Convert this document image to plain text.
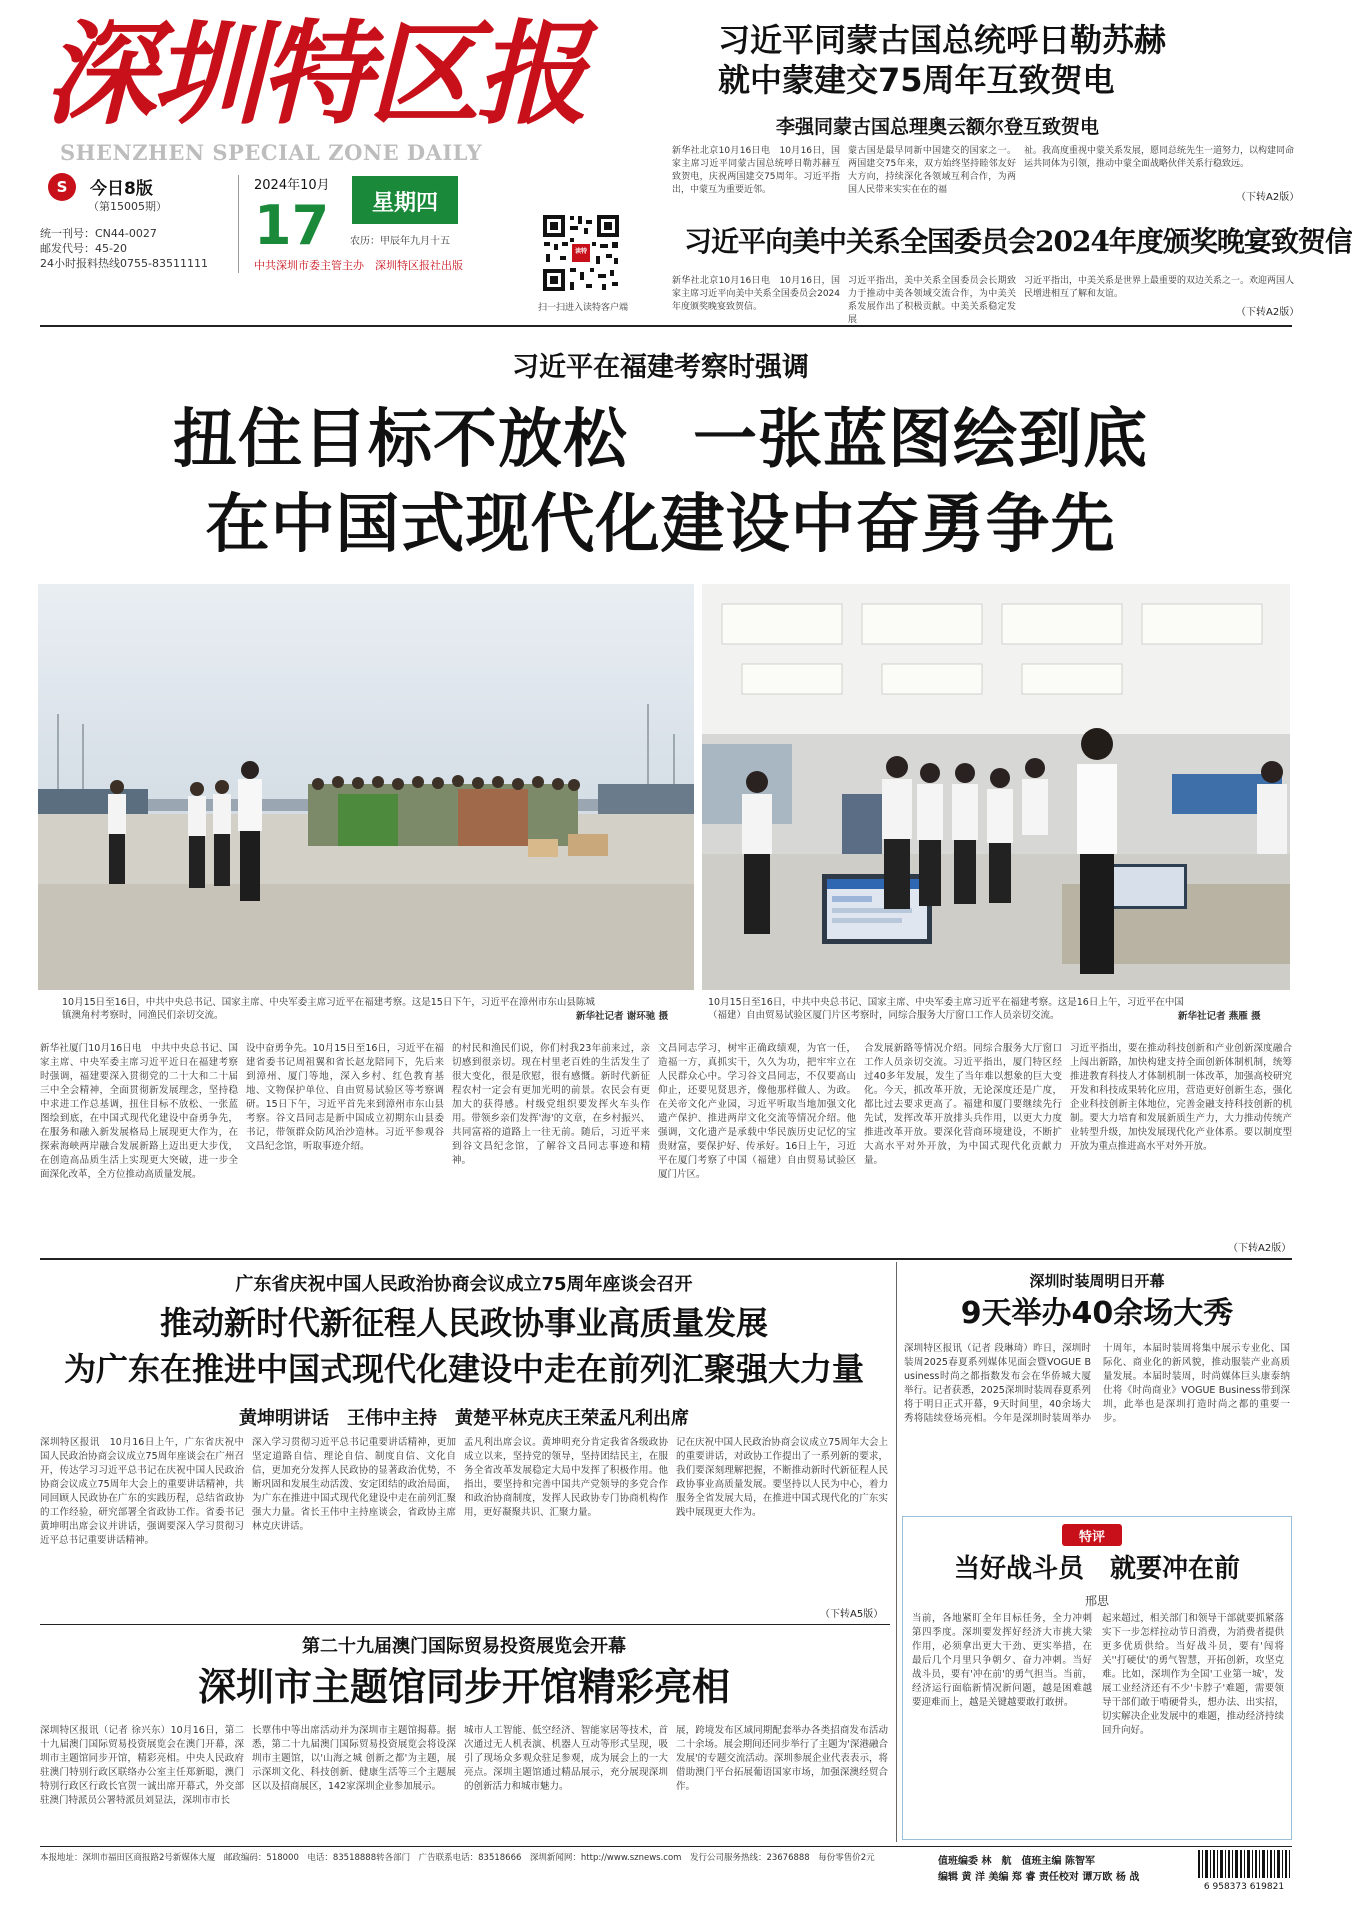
深圳特区报
SHENZHEN SPECIAL ZONE DAILY
S	今日8版
（第15005期）
统一刊号：CN44-0027
邮发代号：45-20
24小时报料热线0755-83511111
2024年10月
17	星期四
农历：甲辰年九月十五
中共深圳市委主管主办　深圳特区报社出版
读特
扫一扫进入读特客户端
习近平同蒙古国总统呼日勒苏赫
就中蒙建交75周年互致贺电
李强同蒙古国总理奥云额尔登互致贺电
新华社北京10月16日电　10月16日，国家主席习近平同蒙古国总统呼日勒苏赫互致贺电，庆祝两国建交75周年。习近平指出，中蒙互为重要近邻。
蒙古国是最早同新中国建交的国家之一。两国建交75年来，双方始终坚持睦邻友好大方向，持续深化各领域互利合作，为两国人民带来实实在在的福
祉。我高度重视中蒙关系发展，愿同总统先生一道努力，以构建同命运共同体为引领，推动中蒙全面战略伙伴关系行稳致远。
（下转A2版）
习近平向美中关系全国委员会2024年度颁奖晚宴致贺信
新华社北京10月16日电　10月16日，国家主席习近平向美中关系全国委员会2024年度颁奖晚宴致贺信。
习近平指出，美中关系全国委员会长期致力于推动中美各领域交流合作，为中美关系发展作出了积极贡献。中美关系稳定发展
习近平指出，中美关系是世界上最重要的双边关系之一。欢迎两国人民增进相互了解和友谊。
（下转A2版）
习近平在福建考察时强调
扭住目标不放松　一张蓝图绘到底
在中国式现代化建设中奋勇争先
10月15日至16日，中共中央总书记、国家主席、中央军委主席习近平在福建考察。这是15日下午，习近平在漳州市东山县陈城镇澳角村考察时，同渔民们亲切交流。	新华社记者 谢环驰 摄
10月15日至16日，中共中央总书记、国家主席、中央军委主席习近平在福建考察。这是16日上午，习近平在中国（福建）自由贸易试验区厦门片区考察时，同综合服务大厅窗口工作人员亲切交流。	新华社记者 燕雁 摄
新华社厦门10月16日电　中共中央总书记、国家主席、中央军委主席习近平近日在福建考察时强调，福建要深入贯彻党的二十大和二十届三中全会精神，全面贯彻新发展理念，坚持稳中求进工作总基调，扭住目标不放松、一张蓝图绘到底，在中国式现代化建设中奋勇争先，在服务和融入新发展格局上展现更大作为，在探索海峡两岸融合发展新路上迈出更大步伐，在创造高品质生活上实现更大突破，进一步全面深化改革，全方位推动高质量发展。
设中奋勇争先。10月15日至16日，习近平在福建省委书记周祖翼和省长赵龙陪同下，先后来到漳州、厦门等地，深入乡村、红色教育基地、文物保护单位、自由贸易试验区等考察调研。15日下午，习近平首先来到漳州市东山县考察。谷文昌同志是新中国成立初期东山县委书记，带领群众防风治沙造林。习近平参观谷文昌纪念馆，听取事迹介绍。
的村民和渔民们说，你们村我23年前来过，亲切感到很亲切。现在村里老百姓的生活发生了很大变化，很是欣慰，很有感慨。新时代新征程农村一定会有更加光明的前景。农民会有更加大的获得感。村级党组织要发挥火车头作用。带领乡亲们发挥'海'的文章，在乡村振兴、共同富裕的道路上一往无前。随后，习近平来到谷文昌纪念馆，了解谷文昌同志事迹和精神。
文昌同志学习，树牢正确政绩观，为官一任，造福一方，真抓实干，久久为功，把牢牢立在人民群众心中。学习谷文昌同志，不仅要高山仰止，还要见贤思齐，像他那样做人、为政。在关帝文化产业园，习近平听取当地加强文化遗产保护、推进两岸文化交流等情况介绍。他强调，文化遗产是承载中华民族历史记忆的宝贵财富，要保护好、传承好。16日上午，习近平在厦门考察了中国（福建）自由贸易试验区厦门片区。
合发展新路等情况介绍。同综合服务大厅窗口工作人员亲切交流。习近平指出，厦门特区经过40多年发展，发生了当年难以想象的巨大变化。今天，抓改革开放，无论深度还是广度，都比过去要求更高了。福建和厦门要继续先行先试，发挥改革开放排头兵作用，以更大力度推进改革开放。要深化营商环境建设，不断扩大高水平对外开放，为中国式现代化贡献力量。
习近平指出，要在推动科技创新和产业创新深度融合上闯出新路，加快构建支持全面创新体制机制，统筹推进教育科技人才体制机制一体改革，加强高校研究开发和科技成果转化应用，营造更好创新生态，强化企业科技创新主体地位，完善金融支持科技创新的机制。要大力培育和发展新质生产力，大力推动传统产业转型升级，加快发展现代化产业体系。要以制度型开放为重点推进高水平对外开放。
（下转A2版）
广东省庆祝中国人民政治协商会议成立75周年座谈会召开
推动新时代新征程人民政协事业高质量发展
为广东在推进中国式现代化建设中走在前列汇聚强大力量
黄坤明讲话　王伟中主持　黄楚平林克庆王荣孟凡利出席
深圳特区报讯　10月16日上午，广东省庆祝中国人民政治协商会议成立75周年座谈会在广州召开，传达学习习近平总书记在庆祝中国人民政治协商会议成立75周年大会上的重要讲话精神，共同回顾人民政协在广东的实践历程，总结省政协的工作经验，研究部署全省政协工作。省委书记黄坤明出席会议并讲话，强调要深入学习贯彻习近平总书记重要讲话精神。
深入学习贯彻习近平总书记重要讲话精神，更加坚定道路自信、理论自信、制度自信、文化自信，更加充分发挥人民政协的显著政治优势，不断巩固和发展生动活泼、安定团结的政治局面，为广东在推进中国式现代化建设中走在前列汇聚强大力量。省长王伟中主持座谈会，省政协主席林克庆讲话。
孟凡利出席会议。黄坤明充分肯定我省各级政协成立以来，坚持党的领导，坚持团结民主，在服务全省改革发展稳定大局中发挥了积极作用。他指出，要坚持和完善中国共产党领导的多党合作和政治协商制度，发挥人民政协专门协商机构作用，更好凝聚共识、汇聚力量。
记在庆祝中国人民政治协商会议成立75周年大会上的重要讲话，对政协工作提出了一系列新的要求，我们要深刻理解把握，不断推动新时代新征程人民政协事业高质量发展。要坚持以人民为中心，着力服务全省发展大局，在推进中国式现代化的广东实践中展现更大作为。
（下转A5版）
第二十九届澳门国际贸易投资展览会开幕
深圳市主题馆同步开馆精彩亮相
深圳特区报讯（记者 徐兴东）10月16日，第二十九届澳门国际贸易投资展览会在澳门开幕，深圳市主题馆同步开馆，精彩亮相。中央人民政府驻澳门特别行政区联络办公室主任郑新聪，澳门特别行政区行政长官贺一诚出席开幕式，外交部驻澳门特派员公署特派员刘显法，深圳市市长
长覃伟中等出席活动并为深圳市主题馆揭幕。据悉，第二十九届澳门国际贸易投资展览会将设深圳市主题馆，以'山海之城 创新之都'为主题，展示深圳文化、科技创新、健康生活等三个主题展区以及招商展区，142家深圳企业参加展示。
城市人工智能、低空经济、智能家居等技术，首次通过无人机表演、机器人互动等形式呈现，吸引了现场众多观众驻足参观，成为展会上的一大亮点。深圳主题馆通过精品展示，充分展现深圳的创新活力和城市魅力。
展，跨境发布区域同期配套举办各类招商发布活动二十余场。展会期间还同步举行了主题为'深港融合发展'的专题交流活动。深圳参展企业代表表示，将借助澳门平台拓展葡语国家市场，加强深澳经贸合作。
深圳时装周明日开幕
9天举办40余场大秀
深圳特区报讯（记者 段琳琦）昨日，深圳时装周2025春夏系列媒体见面会暨VOGUE Business时尚之都指数发布会在华侨城大厦举行。记者获悉，2025深圳时装周春夏系列将于明日正式开幕，9天时间里，40余场大秀将陆续登场亮相。今年是深圳时装周举办十周年，本届时装周将集中展示专业化、国际化、商业化的新风貌，推动服装产业高质量发展。本届时装周，时尚媒体巨头康泰纳仕将《时尚商业》VOGUE Business带到深圳，此举也是深圳打造时尚之都的重要一步。
特评
当好战斗员　就要冲在前
邢思
当前，各地紧盯全年目标任务，全力冲刺第四季度。深圳要发挥好经济大市挑大梁作用，必须拿出更大干劲、更实举措，在最后几个月里只争朝夕、奋力冲刺。当好战斗员，要有'冲在前'的勇气担当。当前，经济运行面临新情况新问题，越是困难越要迎难而上，越是关键越要敢打敢拼。
起来超过，相关部门和领导干部就要抓紧落实下一步怎样拉动节日消费，为消费者提供更多优质供给。当好战斗员，要有'闯将关''打硬仗'的勇气智慧，开拓创新，攻坚克难。比如，深圳作为全国'工业第一城'，发展工业经济还有不少'卡脖子'难题，需要领导干部们敢于啃硬骨头，想办法、出实招，切实解决企业发展中的难题，推动经济持续回升向好。
本报地址：深圳市福田区商报路2号新媒体大厦　邮政编码：518000　电话：83518888转各部门　广告联系电话：83518666　深圳新闻网：http://www.sznews.com　发行公司服务热线：23676888　每份零售价2元	值班编委 林　航　值班主编 陈智军
编辑 黄 洋 美编 郑 睿 责任校对 谭万欧 杨 战
6 958373 619821
